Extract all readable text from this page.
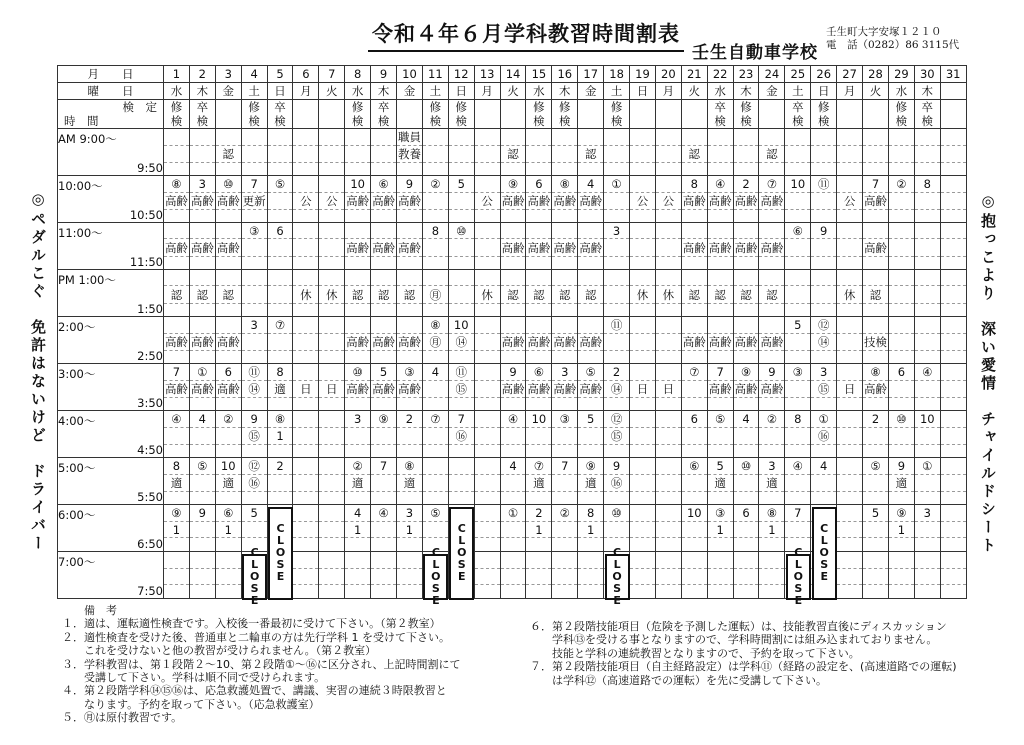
令和４年６月学科教習時間割表
壬生自動車学校
壬生町大字安塚１２１０
電　話（0282）86 3115代
◎ペダルこぐ　免許はないけど　ドライバー	◎抱っこより　深い愛情　チャイルドシート
月　　日	1	2	3	4	5	6	7	8	9	10	11	12	13	14	15	16	17	18	19	20	21	22	23	24	25	26	27	28	29	30	31
曜　　日	水	木	金	土	日	月	火	水	木	金	土	日	月	火	水	木	金	土	日	月	火	水	木	金	土	日	月	火	水	木	

検　定
時　間	修検	卒検		修検	卒検			修検	卒検		修検	修検			修検	修検		修検				卒検	修検		卒検	修検			修検	卒検	

AM 9:00～

9:50										職員																					
			認							教養				認			認				認			認							

10:00～

10:50	⑧	3	⑩	7	⑤			10	⑥	9	②	5		⑨	6	⑧	4	①			8	④	2	⑦	10	⑪		7	②	8	
	高齢	高齢	高齢	更新		公	公	高齢	高齢	高齢			公	高齢	高齢	高齢	高齢		公	公	高齢	高齢	高齢	高齢			公	高齢			

11:00～

11:50				③	6						8	⑩						3							⑥	9					
	高齢	高齢	高齢					高齢	高齢	高齢				高齢	高齢	高齢	高齢				高齢	高齢	高齢	高齢				高齢			

PM 1:00～

1:50																															

	認	認	認			休	休	認	認	認	㊊		休	認	認	認	認		休	休	認	認	認	認			休	認			

2:00～

2:50				3	⑦						⑧	10						⑪							5	⑫					
	高齢	高齢	高齢					高齢	高齢	高齢	㊊	⑭		高齢	高齢	高齢	高齢				高齢	高齢	高齢	高齢		⑭		技検			

3:00～

3:50	7	①	6	⑪	8			⑩	5	③	4	⑪		9	⑥	3	⑤	2			⑦	7	⑨	9	③	3		⑧	6	④	
	高齢	高齢	高齢	⑭	適	日	日	高齢	高齢	高齢		⑮		高齢	高齢	高齢	高齢	⑭	日	日		高齢	高齢	高齢		⑮	日	高齢			

4:00～

4:50	④	4	②	9	⑧			3	⑨	2	⑦	7		④	10	③	5	⑫			6	⑤	4	②	8	①		2	⑩	10	
				⑮	1							⑯						⑮								⑯					

5:00～

5:50	8	⑤	10	⑫	2			②	7	⑧				4	⑦	7	⑨	9			⑥	5	⑩	3	④	4		⑤	9	①	
	適		適	⑯				適		適					適		適	⑯				適		適					適		

6:00～

6:50	⑨	9	⑥	5				4	④	3	⑤			①	2	②	8	⑩			10	③	6	⑧	7			5	⑨	3	
	1		1					1		1					1		1					1		1					1		

7:00～

7:50																															

C
L
O
S
E
C
L
O
S
E
C
L
O
S
E
C
L
O
S
E
C
L
O
S
E
C
L
O
S
E
C
L
O
S
E
備　考
１．適は、運転適性検査です。入校後一番最初に受けて下さい。（第２教室）
２．適性検査を受けた後、普通車と二輪車の方は先行学科 1 を受けて下さい。
　　これを受けないと他の教習が受けられません。（第２教室）
３．学科教習は、第１段階２～10、第２段階①～⑯に区分され、上記時間割にて
　　受講して下さい。学科は順不同で受けられます。
４．第２段階学科⑭⑮⑯は、応急救護処置で、講議、実習の連続３時限教習と
　　なります。予約を取って下さい。（応急救護室）
５．㊊は原付教習です。
６．第２段階技能項目（危険を予測した運転）は、技能教習直後にディスカッション
　　学科⑬を受ける事となりますので、学科時間割には組み込まれておりません。
　　技能と学科の連続教習となりますので、予約を取って下さい。
７．第２段階技能項目（自主経路設定）は学科⑪（経路の設定を、(高速道路での運転)
　　は学科⑫（高速道路での運転）を先に受講して下さい。
